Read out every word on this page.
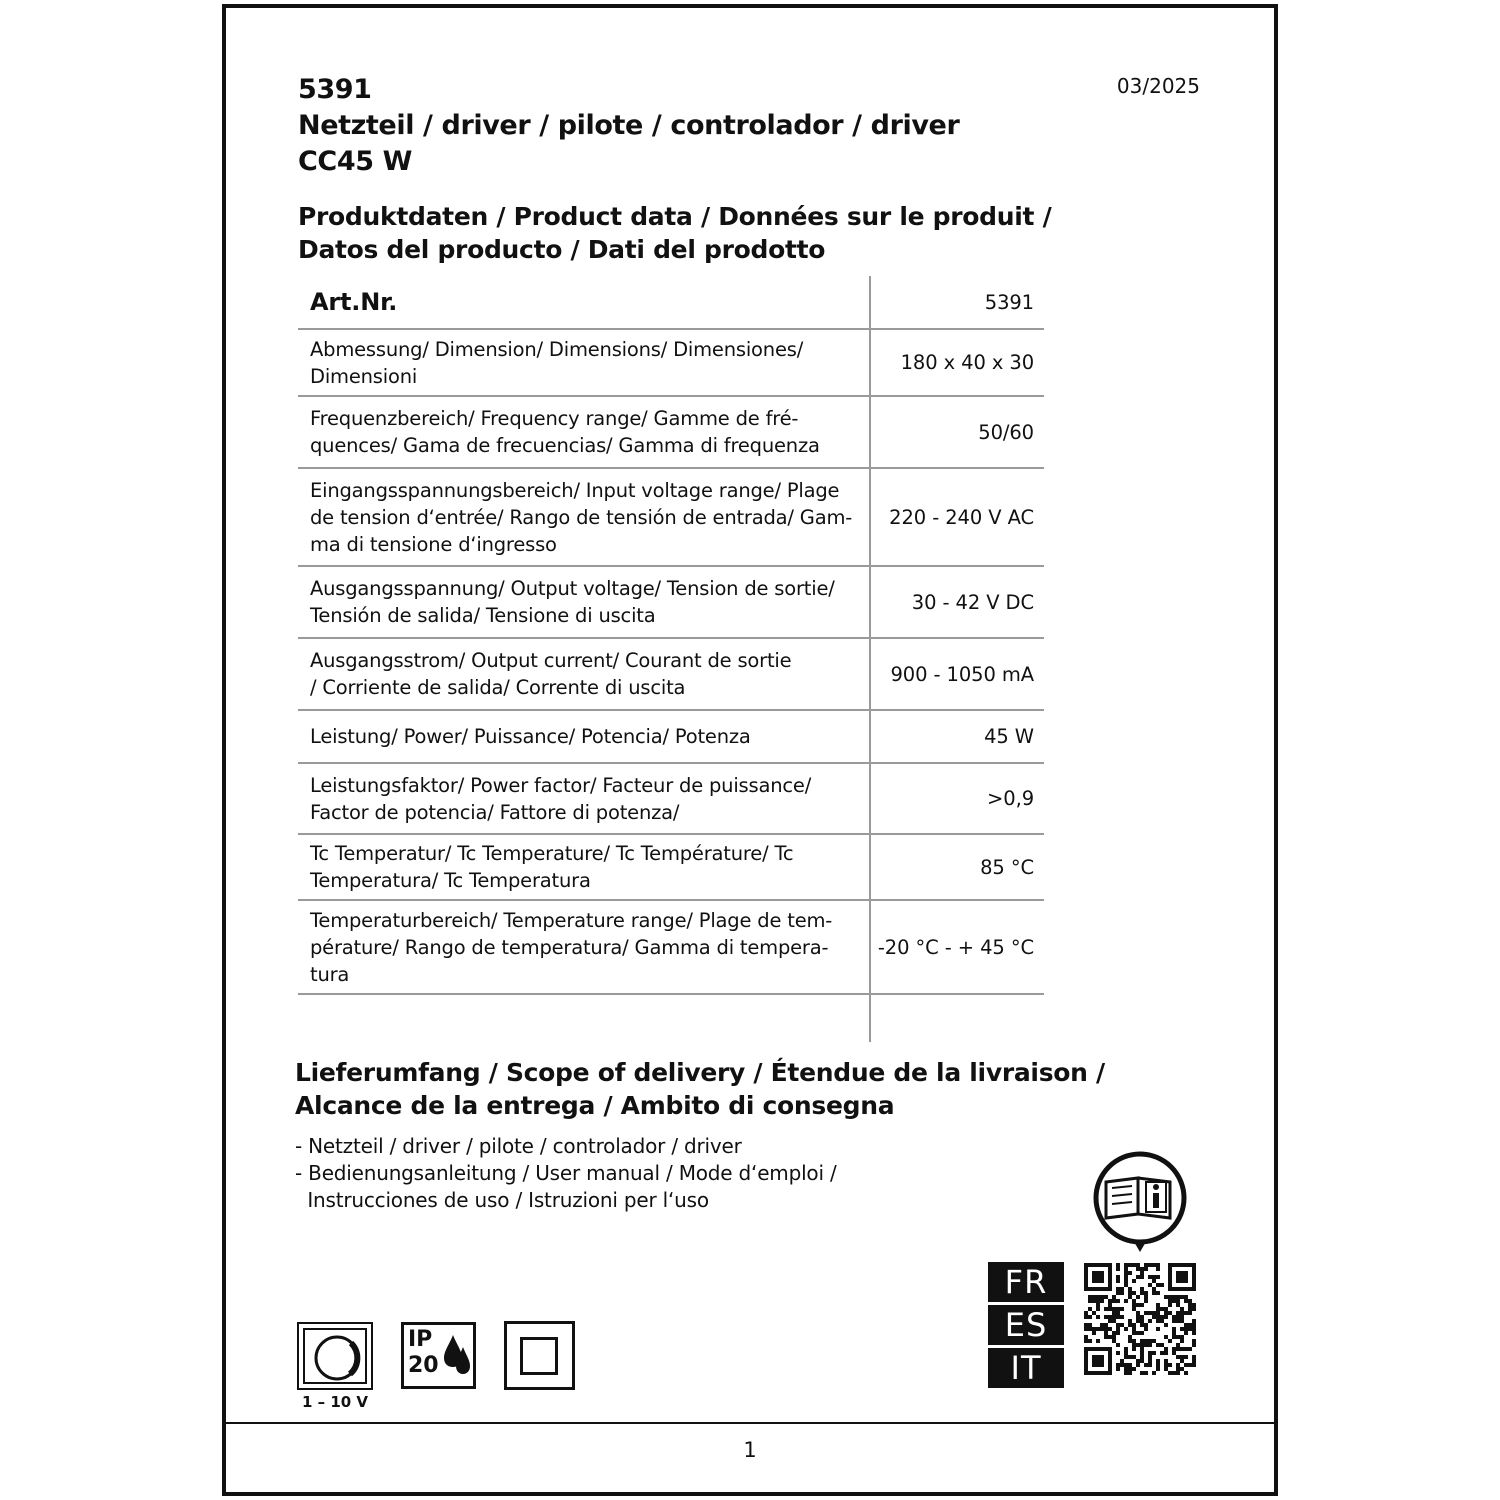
5391
Netzteil / driver / pilote / controlador / driver
CC45 W
03/2025
Produktdaten / Product data / Données sur le produit /
Datos del producto / Dati del prodotto
Art.Nr.	5391
Abmessung/ Dimension/ Dimensions/ Dimensiones/
Dimensioni
180 x 40 x 30
Frequenzbereich/ Frequency range/ Gamme de fré-
quences/ Gama de frecuencias/ Gamma di frequenza
50/60
Eingangsspannungsbereich/ Input voltage range/ Plage
de tension d‘entrée/ Rango de tensión de entrada/ Gam-
ma di tensione d‘ingresso
220 - 240 V AC
Ausgangsspannung/ Output voltage/ Tension de sortie/
Tensión de salida/ Tensione di uscita
30 - 42 V DC
Ausgangsstrom/ Output current/ Courant de sortie
/ Corriente de salida/ Corrente di uscita
900 - 1050 mA
Leistung/ Power/ Puissance/ Potencia/ Potenza	45 W
Leistungsfaktor/ Power factor/ Facteur de puissance/
Factor de potencia/ Fattore di potenza/
>0,9
Tc Temperatur/ Tc Temperature/ Tc Température/ Tc
Temperatura/ Tc Temperatura
85 °C
Temperaturbereich/ Temperature range/ Plage de tem-
pérature/ Rango de temperatura/ Gamma di tempera-
tura
-20 °C - + 45 °C
Lieferumfang / Scope of delivery / Étendue de la livraison /
Alcance de la entrega / Ambito di consegna
- Netzteil / driver / pilote / controlador / driver
- Bedienungsanleitung / User manual / Mode d‘emploi /
Instrucciones de uso / Istruzioni per l‘uso
1 – 10 V
IP
20
FR
ES
IT
1
